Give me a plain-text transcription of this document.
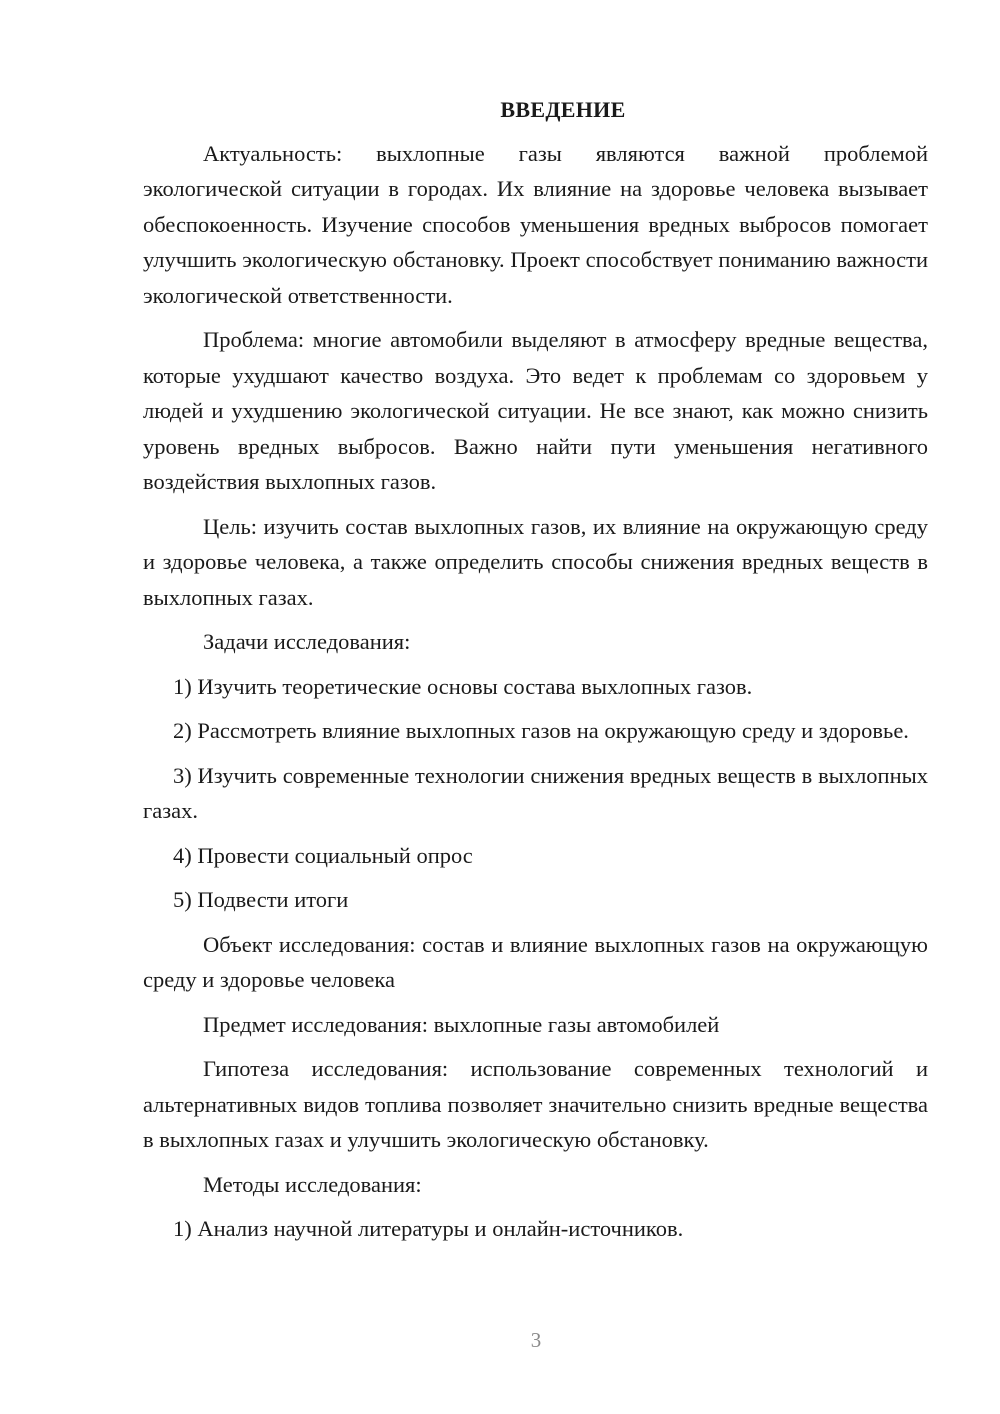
ВВЕДЕНИЕ

Актуальность: выхлопные газы являются важной проблемой экологической ситуации в городах. Их влияние на здоровье человека вызывает обеспокоенность. Изучение способов уменьшения вредных выбросов помогает улучшить экологическую обстановку. Проект способствует пониманию важности экологической ответственности.

Проблема: многие автомобили выделяют в атмосферу вредные вещества, которые ухудшают качество воздуха. Это ведет к проблемам со здоровьем у людей и ухудшению экологической ситуации. Не все знают, как можно снизить уровень вредных выбросов. Важно найти пути уменьшения негативного воздействия выхлопных газов.

Цель: изучить состав выхлопных газов, их влияние на окружающую среду и здоровье человека, а также определить способы снижения вредных веществ в выхлопных газах.

Задачи исследования:

1) Изучить теоретические основы состава выхлопных газов.

2) Рассмотреть влияние выхлопных газов на окружающую среду и здоровье.

3) Изучить современные технологии снижения вредных веществ в выхлопных газах.

4) Провести социальный опрос

5) Подвести итоги

Объект исследования: состав и влияние выхлопных газов на окружающую среду и здоровье человека

Предмет исследования: выхлопные газы автомобилей

Гипотеза исследования: использование современных технологий и альтернативных видов топлива позволяет значительно снизить вредные вещества в выхлопных газах и улучшить экологическую обстановку.

Методы исследования:

1) Анализ научной литературы и онлайн-источников.

3
